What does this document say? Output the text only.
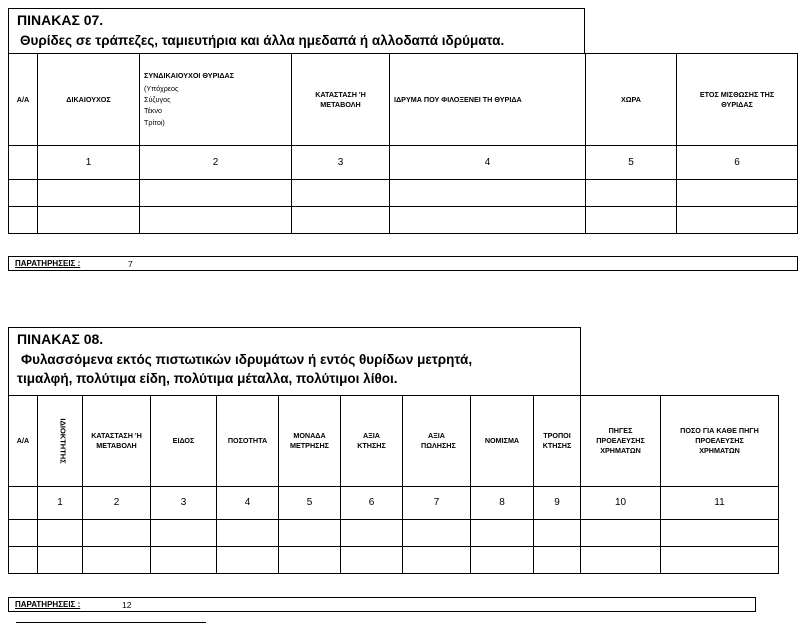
ΠΙΝΑΚΑΣ 07.
Θυρίδες σε τράπεζες, ταμιευτήρια και άλλα ημεδαπά ή αλλοδαπά ιδρύματα.
Α/Α	ΔΙΚΑΙΟΥΧΟΣ	ΣΥΝΔΙΚΑΙΟΥΧΟΙ ΘΥΡΙΔΑΣ
(Υπόχρεος
Σύζυγος
Τέκνο
Τρίτοι)	ΚΑΤΑΣΤΑΣΗ 'Η ΜΕΤΑΒΟΛΗ	ΙΔΡΥΜΑ ΠΟΥ ΦΙΛΟΞΕΝΕΙ ΤΗ ΘΥΡΙΔΑ	ΧΩΡΑ	ΕΤΟΣ ΜΙΣΘΩΣΗΣ ΤΗΣ ΘΥΡΙΔΑΣ
	1	2	3	4	5	6

ΠΑΡΑΤΗΡΗΣΕΙΣ :	7
ΠΙΝΑΚΑΣ 08.
Φυλασσόμενα εκτός πιστωτικών ιδρυμάτων ή εντός θυρίδων μετρητά,
τιμαλφή, πολύτιμα είδη, πολύτιμα μέταλλα, πολύτιμοι λίθοι.
Α/Α	ΙΔΙΟΚΤΗΤΗΣ	ΚΑΤΑΣΤΑΣΗ 'Η ΜΕΤΑΒΟΛΗ	ΕΙΔΟΣ	ΠΟΣΟΤΗΤΑ	ΜΟΝΑΔΑ ΜΕΤΡΗΣΗΣ	ΑΞΙΑ ΚΤΗΣΗΣ	ΑΞΙΑ ΠΩΛΗΣΗΣ	ΝΟΜΙΣΜΑ	ΤΡΟΠΟΙ ΚΤΗΣΗΣ	ΠΗΓΕΣ ΠΡΟΕΛΕΥΣΗΣ ΧΡΗΜΑΤΩΝ	ΠΟΣΟ ΓΙΑ ΚΑΘΕ ΠΗΓΗ ΠΡΟΕΛΕΥΣΗΣ ΧΡΗΜΑΤΩΝ
	1	2	3	4	5	6	7	8	9	10	11

ΠΑΡΑΤΗΡΗΣΕΙΣ :	12
